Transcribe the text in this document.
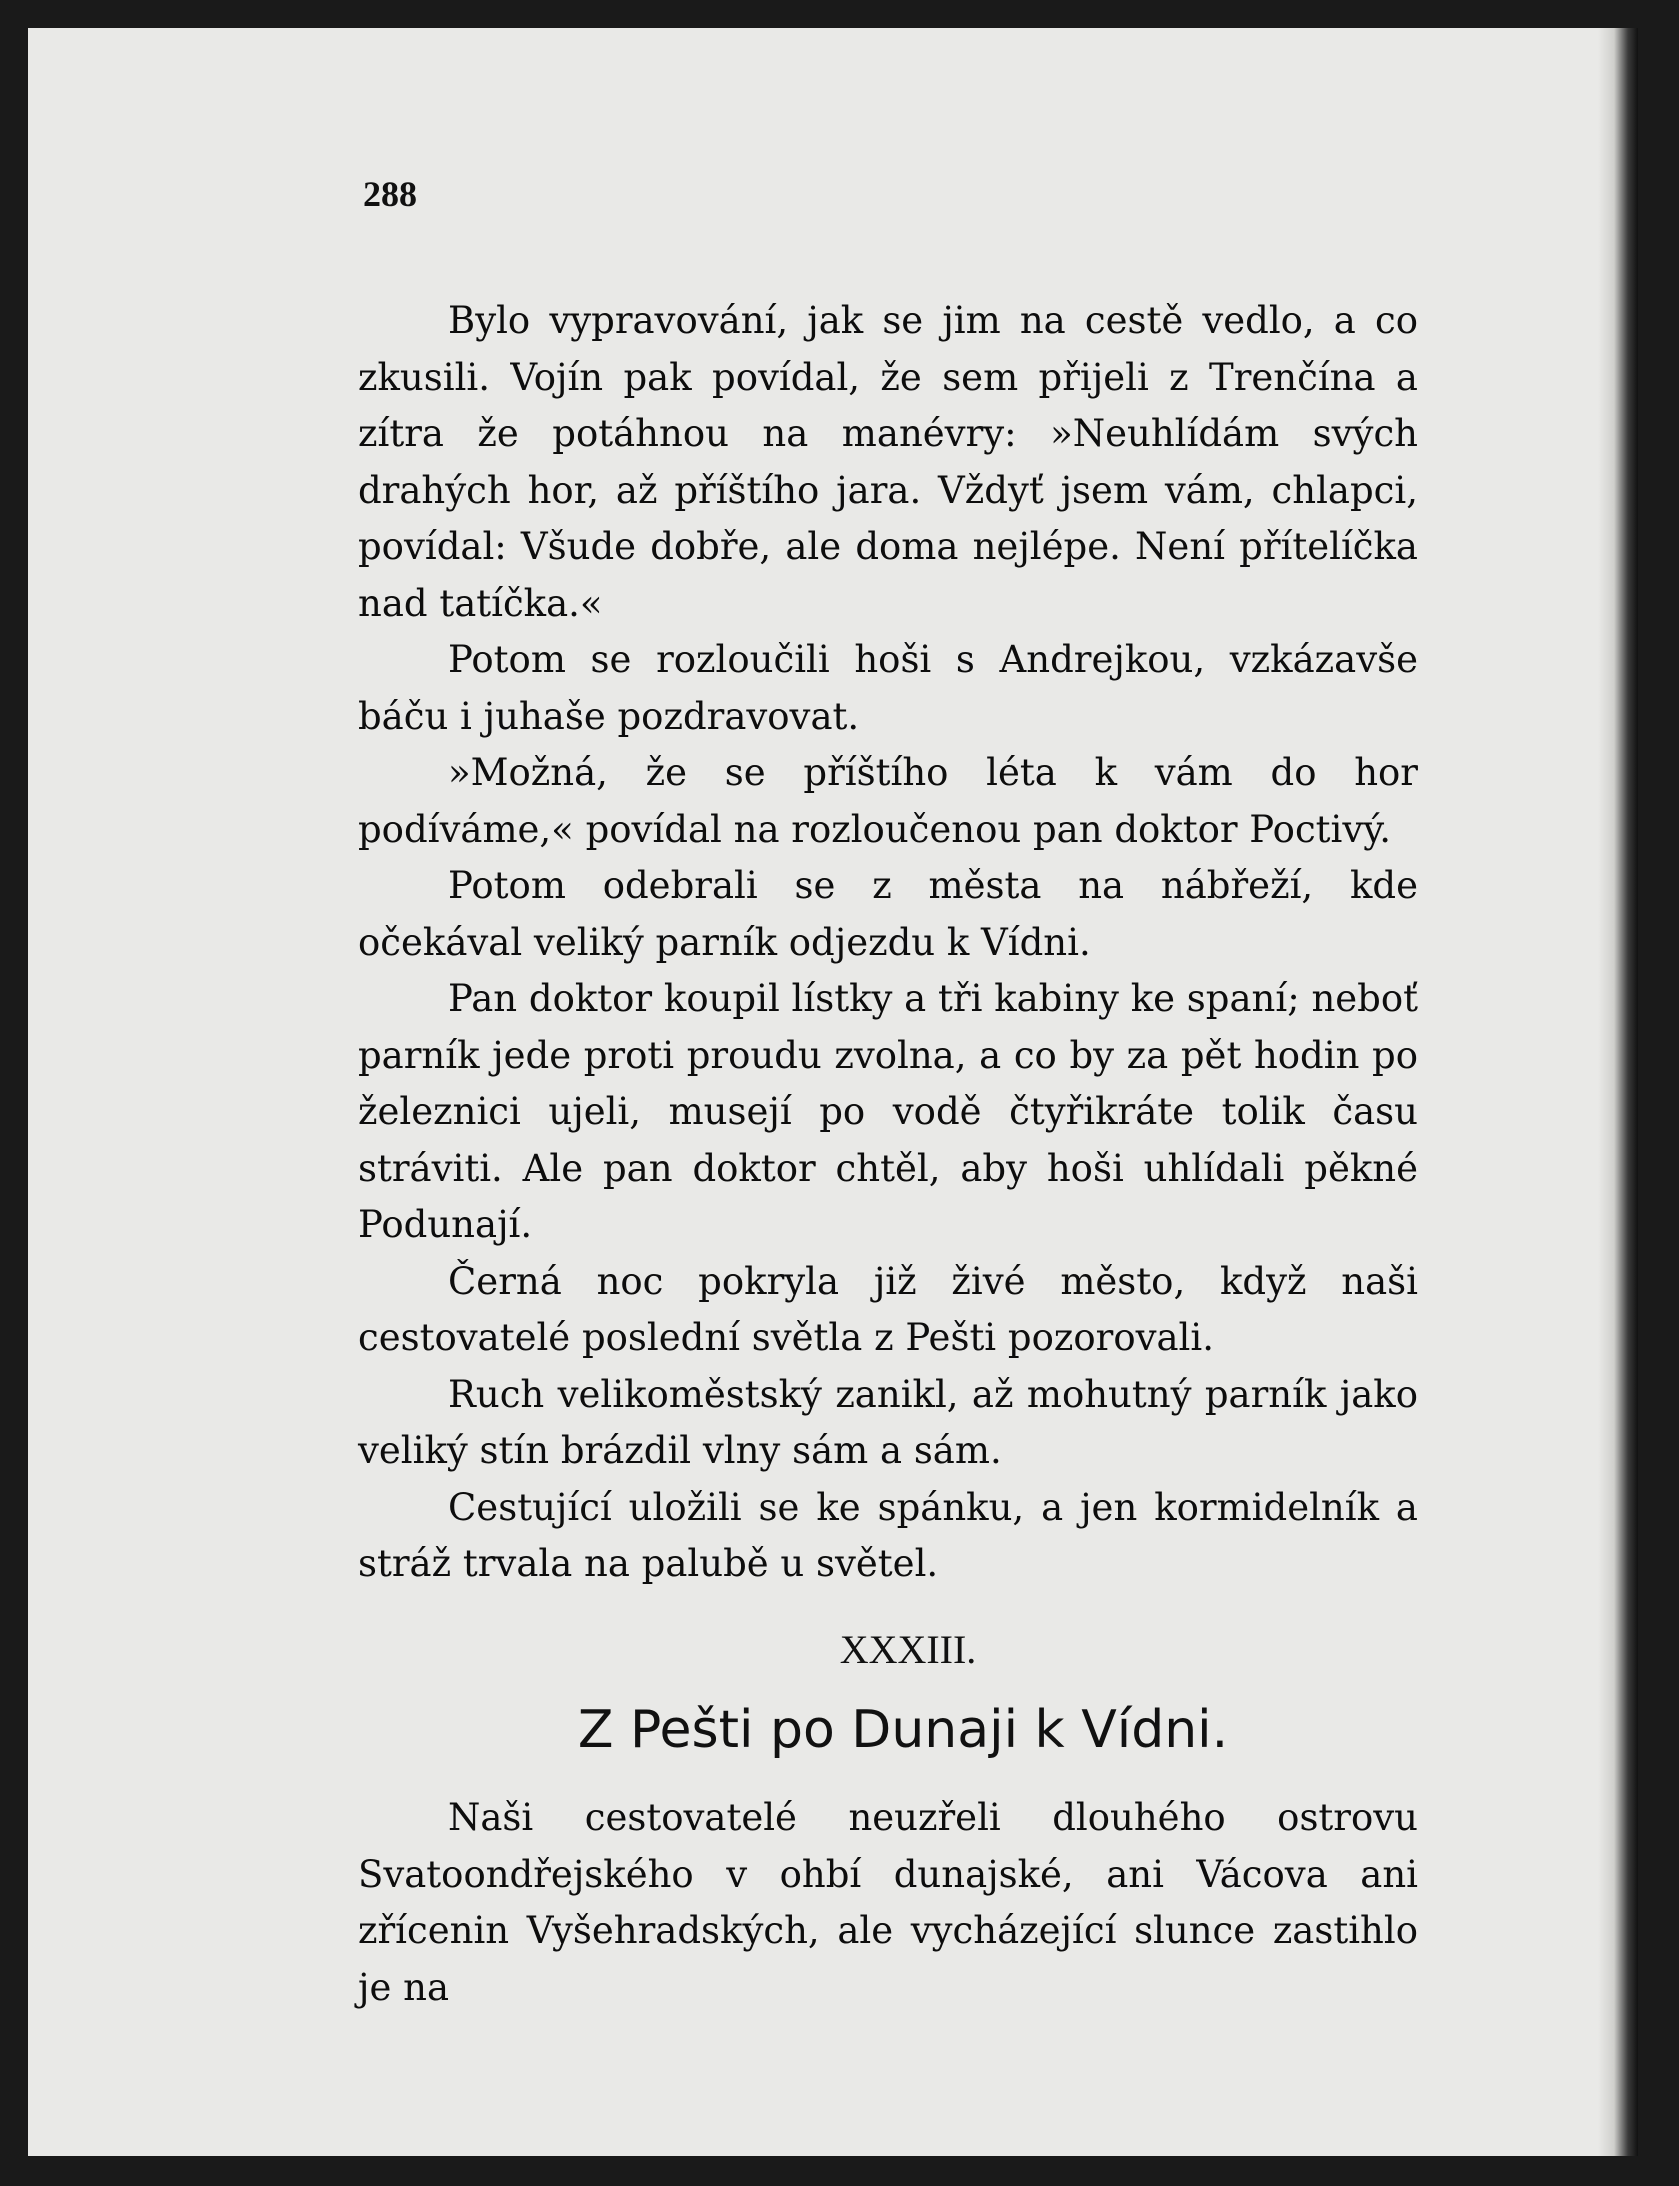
288

Bylo vypravování, jak se jim na cestě vedlo, a co zkusili. Vojín pak povídal, že sem přijeli z Trenčína a zítra že potáhnou na manévry: »Neuhlídám svých drahých hor, až příštího jara. Vždyť jsem vám, chlapci, povídal: Všude dobře, ale doma nejlépe. Není přítelíčka nad tatíčka.«

Potom se rozloučili hoši s Andrejkou, vzkázavše báču i juhaše pozdravovat.

»Možná, že se příštího léta k vám do hor podíváme,« povídal na rozloučenou pan doktor Poctivý.

Potom odebrali se z města na nábřeží, kde očekával veliký parník odjezdu k Vídni.

Pan doktor koupil lístky a tři kabiny ke spaní; neboť parník jede proti proudu zvolna, a co by za pět hodin po železnici ujeli, musejí po vodě čtyřikráte tolik času stráviti. Ale pan doktor chtěl, aby hoši uhlídali pěkné Podunají.

Černá noc pokryla již živé město, když naši cestovatelé poslední světla z Pešti pozorovali.

Ruch velikoměstský zanikl, až mohutný parník jako veliký stín brázdil vlny sám a sám.

Cestující uložili se ke spánku, a jen kormidelník a stráž trvala na palubě u světel.

XXXIII.
Z Pešti po Dunaji k Vídni.

Naši cestovatelé neuzřeli dlouhého ostrovu Svatoondřejského v ohbí dunajské, ani Vácova ani zřícenin Vyšehradských, ale vycházející slunce zastihlo je na
